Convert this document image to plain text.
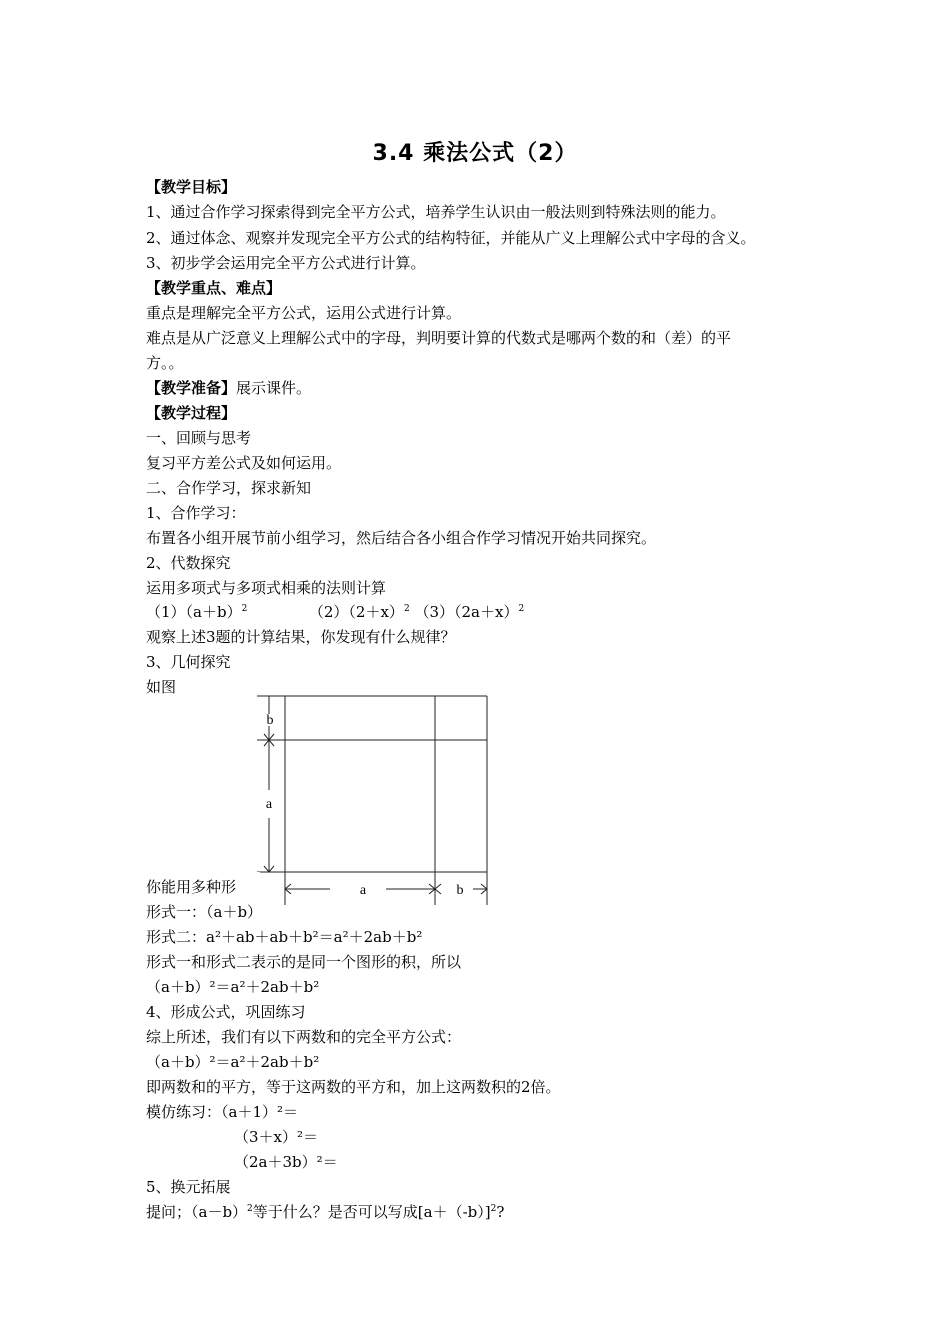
3.4 乘法公式（2）
【教学目标】
1、通过合作学习探索得到完全平方公式，培养学生认识由一般法则到特殊法则的能力。
2、通过体念、观察并发现完全平方公式的结构特征，并能从广义上理解公式中字母的含义。
3、初步学会运用完全平方公式进行计算。
【教学重点、难点】
重点是理解完全平方公式，运用公式进行计算。
难点是从广泛意义上理解公式中的字母，判明要计算的代数式是哪两个数的和（差）的平
方。。
【教学准备】展示课件。
【教学过程】
一、回顾与思考
复习平方差公式及如何运用。
二、合作学习，探求新知
1、合作学习：
布置各小组开展节前小组学习，然后结合各小组合作学习情况开始共同探究。
2、代数探究
运用多项式与多项式相乘的法则计算
$(1)(a+b)^2$	$(2)(2+x)^2$ $(3)(2a+x)^2$
观察上述3题的计算结果，你发现有什么规律？
3、几何探究
如图
你能用多种形
形式一：（a＋b）
b
a
a	b
形式二：a²＋ab＋ab＋b²＝a²＋2ab＋b²
形式一和形式二表示的是同一个图形的积，所以
（a＋b）²＝a²＋2ab＋b²
4、形成公式，巩固练习
综上所述，我们有以下两数和的完全平方公式：
（a＋b）²＝a²＋2ab＋b²
即两数和的平方，等于这两数的平方和，加上这两数积的2倍。
模仿练习：（a＋1）²＝
（3＋x）²＝
（2a＋3b）²＝
5、换元拓展
提问；$(a-b)^2$等于什么？是否可以写成$[a+(-b)]^2$?
